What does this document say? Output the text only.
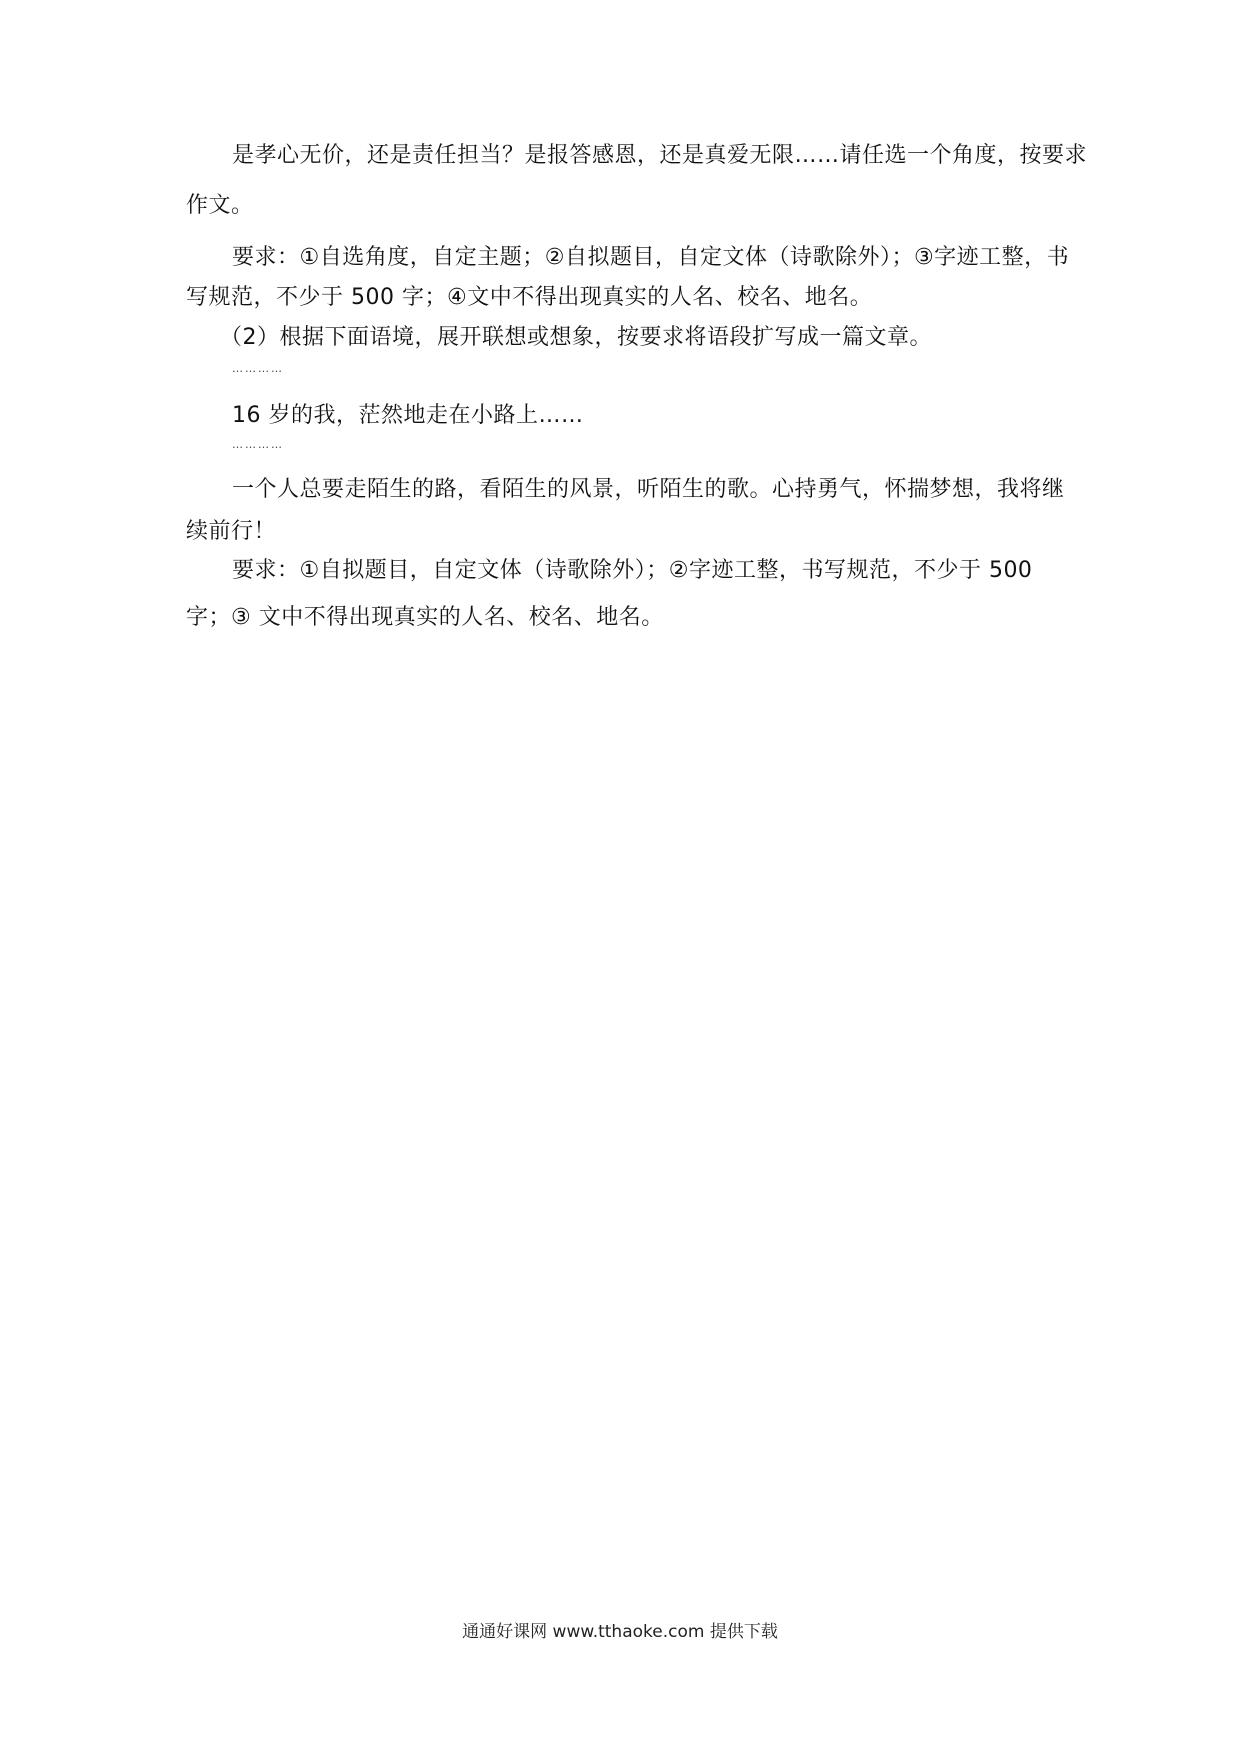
是孝心无价，还是责任担当？是报答感恩，还是真爱无限……请任选一个角度，按要求

作文。

要求：①自选角度，自定主题；②自拟题目，自定文体（诗歌除外）；③字迹工整，书

写规范，不少于 500 字；④文中不得出现真实的人名、校名、地名。

（2）根据下面语境，展开联想或想象，按要求将语段扩写成一篇文章。

…………

16 岁的我，茫然地走在小路上……

…………

一个人总要走陌生的路，看陌生的风景，听陌生的歌。心持勇气，怀揣梦想，我将继

续前行！

要求：①自拟题目，自定文体（诗歌除外）；②字迹工整，书写规范，不少于 500

字；③ 文中不得出现真实的人名、校名、地名。

通通好课网 www.tthaoke.com 提供下载
